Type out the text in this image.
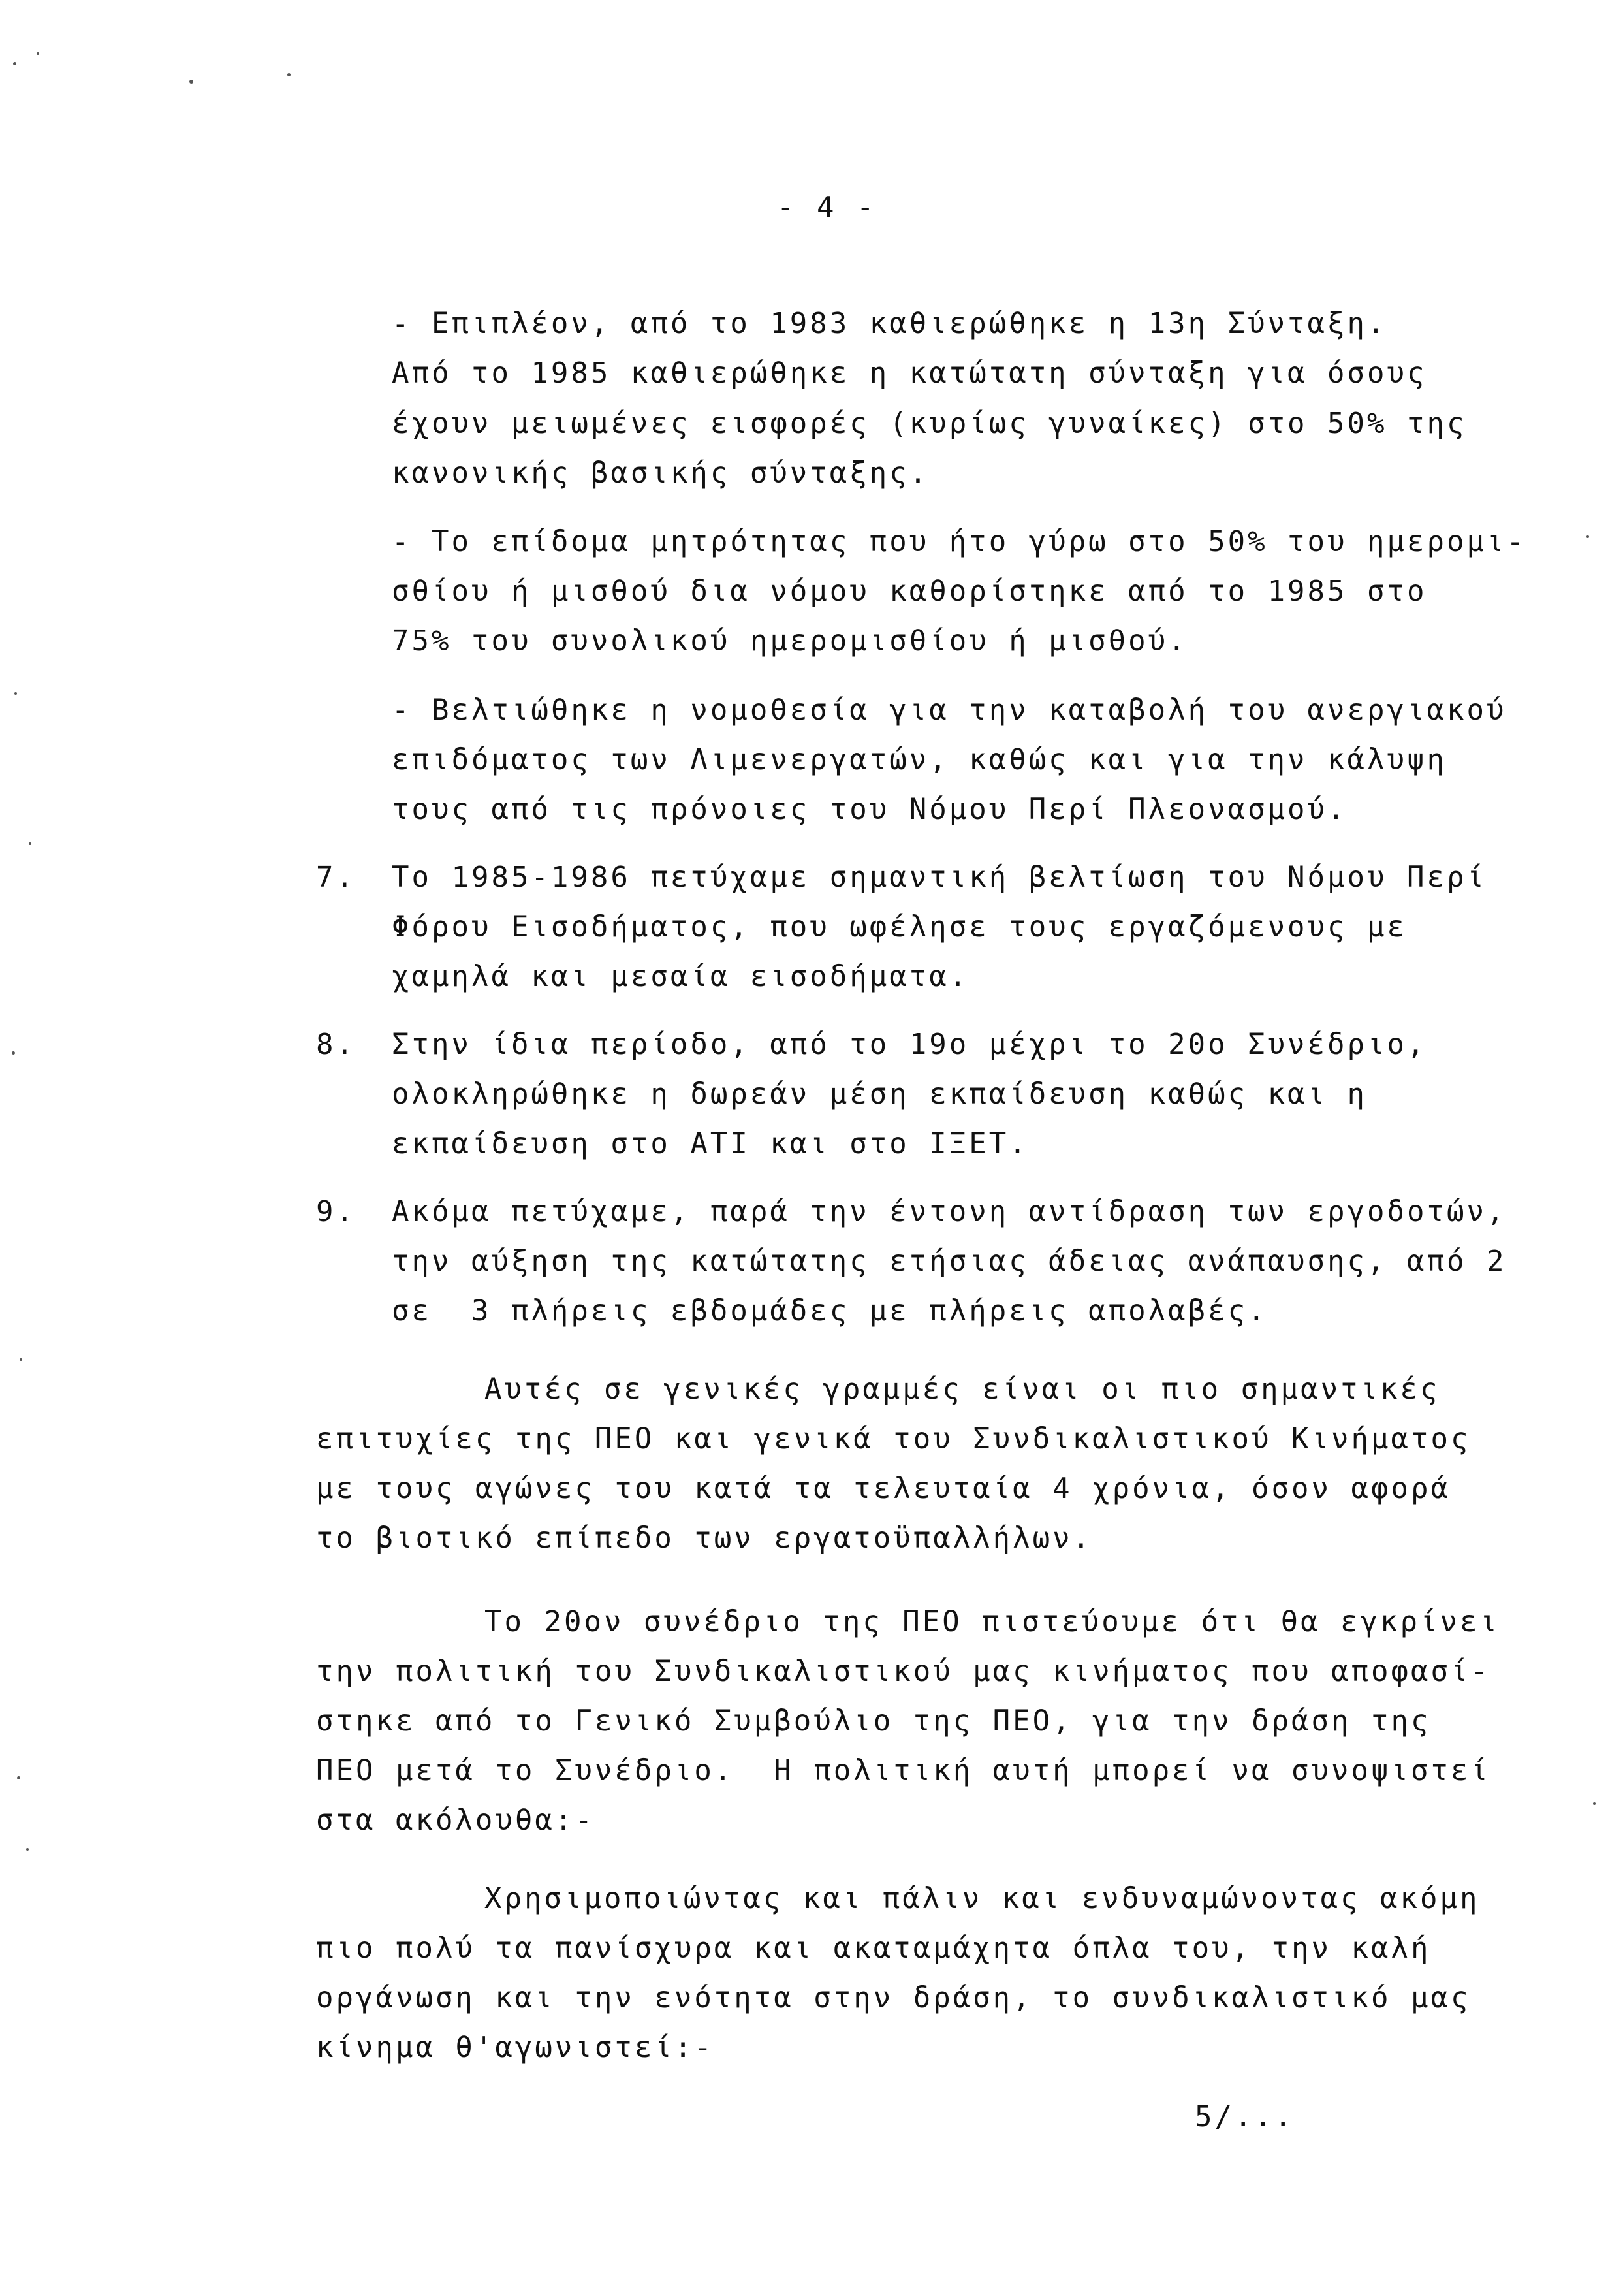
- 4 -
- Επιπλέον, από το 1983 καθιερώθηκε η 13η Σύνταξη.
Από το 1985 καθιερώθηκε η κατώτατη σύνταξη για όσους
έχουν μειωμένες εισφορές (κυρίως γυναίκες) στο 50% της
κανονικής βασικής σύνταξης.
- Το επίδομα μητρότητας που ήτο γύρω στο 50% του ημερομι-
σθίου ή μισθού δια νόμου καθορίστηκε από το 1985 στο
75% του συνολικού ημερομισθίου ή μισθού.
- Βελτιώθηκε η νομοθεσία για την καταβολή του ανεργιακού
επιδόματος των Λιμενεργατών, καθώς και για την κάλυψη
τους από τις πρόνοιες του Νόμου Περί Πλεονασμού.
7. Το 1985-1986 πετύχαμε σημαντική βελτίωση του Νόμου Περί
Φόρου Εισοδήματος, που ωφέλησε τους εργαζόμενους με
χαμηλά και μεσαία εισοδήματα.
8. Στην ίδια περίοδο, από το 19ο μέχρι το 20ο Συνέδριο,
ολοκληρώθηκε η δωρεάν μέση εκπαίδευση καθώς και η
εκπαίδευση στο ΑΤΙ και στο ΙΞΕΤ.
9. Ακόμα πετύχαμε, παρά την έντονη αντίδραση των εργοδοτών,
την αύξηση της κατώτατης ετήσιας άδειας ανάπαυσης, από 2
σε  3 πλήρεις εβδομάδες με πλήρεις απολαβές.
Αυτές σε γενικές γραμμές είναι οι πιο σημαντικές
επιτυχίες της ΠΕΟ και γενικά του Συνδικαλιστικού Κινήματος
με τους αγώνες του κατά τα τελευταία 4 χρόνια, όσον αφορά
το βιοτικό επίπεδο των εργατοϋπαλλήλων.
Το 20ον συνέδριο της ΠΕΟ πιστεύουμε ότι θα εγκρίνει
την πολιτική του Συνδικαλιστικού μας κινήματος που αποφασί-
στηκε από το Γενικό Συμβούλιο της ΠΕΟ, για την δράση της
ΠΕΟ μετά το Συνέδριο.  Η πολιτική αυτή μπορεί να συνοψιστεί
στα ακόλουθα:-
Χρησιμοποιώντας και πάλιν και ενδυναμώνοντας ακόμη
πιο πολύ τα πανίσχυρα και ακαταμάχητα όπλα του, την καλή
οργάνωση και την ενότητα στην δράση, το συνδικαλιστικό μας
κίνημα θ'αγωνιστεί:-
5/...
